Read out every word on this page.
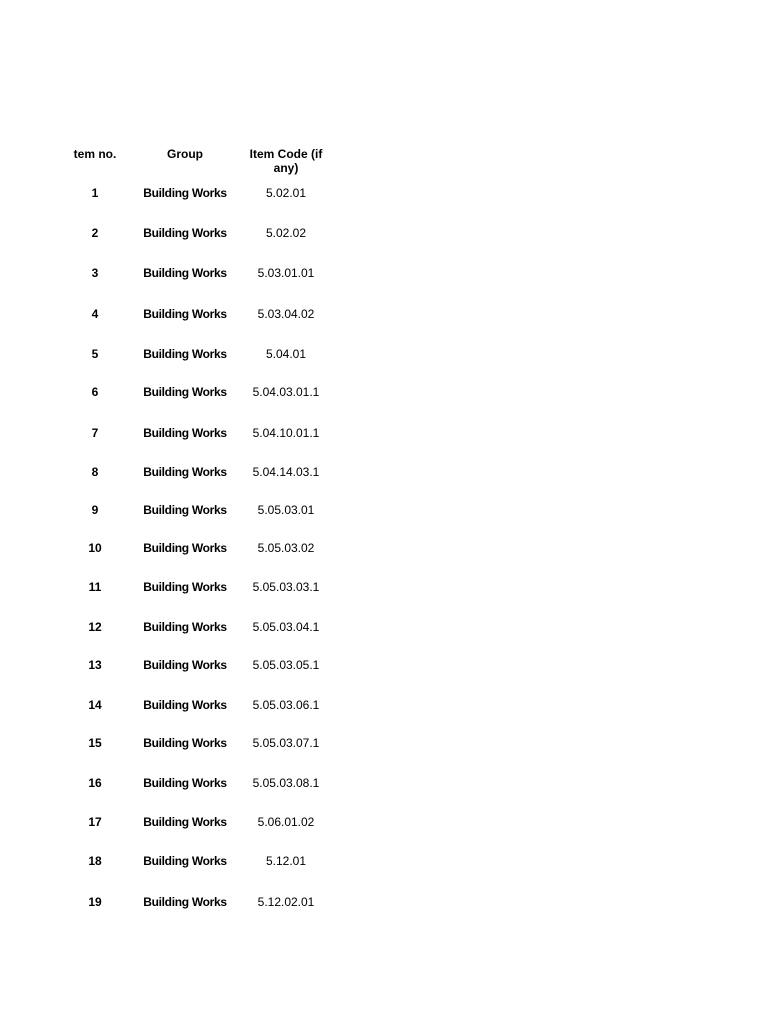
tem no.	Group	Item Code (if any)
1	Building Works	5.02.01
2	Building Works	5.02.02
3	Building Works	5.03.01.01
4	Building Works	5.03.04.02
5	Building Works	5.04.01
6	Building Works	5.04.03.01.1
7	Building Works	5.04.10.01.1
8	Building Works	5.04.14.03.1
9	Building Works	5.05.03.01
10	Building Works	5.05.03.02
11	Building Works	5.05.03.03.1
12	Building Works	5.05.03.04.1
13	Building Works	5.05.03.05.1
14	Building Works	5.05.03.06.1
15	Building Works	5.05.03.07.1
16	Building Works	5.05.03.08.1
17	Building Works	5.06.01.02
18	Building Works	5.12.01
19	Building Works	5.12.02.01
